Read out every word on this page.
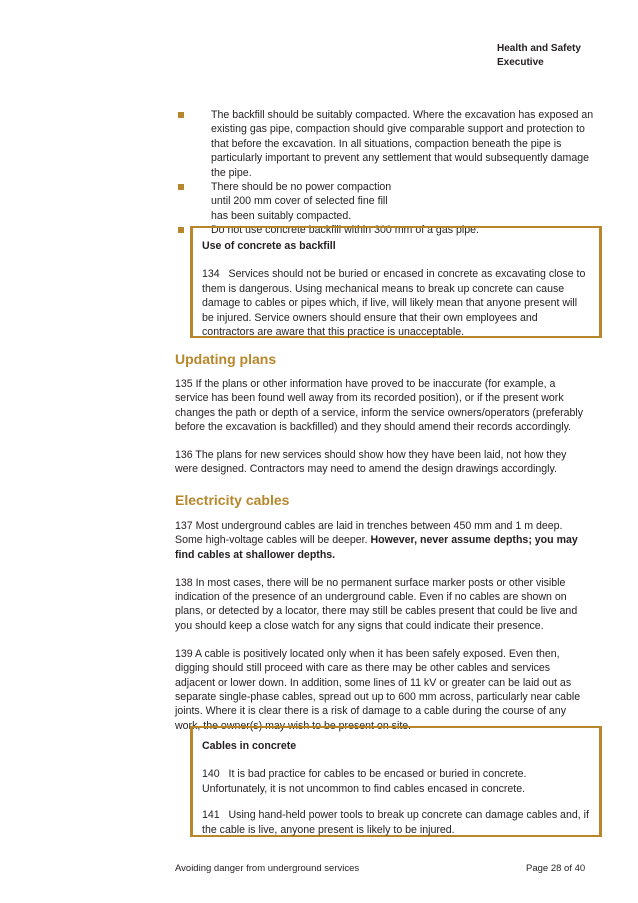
Health and Safety
Executive
The backfill should be suitably compacted. Where the excavation has exposed an existing gas pipe, compaction should give comparable support and protection to that before the excavation. In all situations, compaction beneath the pipe is particularly important to prevent any settlement that would subsequently damage the pipe.
There should be no power compaction until 200 mm cover of selected fine fill has been suitably compacted.
Do not use concrete backfill within 300 mm of a gas pipe.
Use of concrete as backfill

134   Services should not be buried or encased in concrete as excavating close to them is dangerous. Using mechanical means to break up concrete can cause damage to cables or pipes which, if live, will likely mean that anyone present will be injured. Service owners should ensure that their own employees and contractors are aware that this practice is unacceptable.

Updating plans

135 If the plans or other information have proved to be inaccurate (for example, a service has been found well away from its recorded position), or if the present work changes the path or depth of a service, inform the service owners/operators (preferably before the excavation is backfilled) and they should amend their records accordingly.

136 The plans for new services should show how they have been laid, not how they were designed. Contractors may need to amend the design drawings accordingly.

Electricity cables

137 Most underground cables are laid in trenches between 450 mm and 1 m deep. Some high-voltage cables will be deeper. However, never assume depths; you may find cables at shallower depths.

138 In most cases, there will be no permanent surface marker posts or other visible indication of the presence of an underground cable. Even if no cables are shown on plans, or detected by a locator, there may still be cables present that could be live and you should keep a close watch for any signs that could indicate their presence.

139 A cable is positively located only when it has been safely exposed. Even then, digging should still proceed with care as there may be other cables and services adjacent or lower down. In addition, some lines of 11 kV or greater can be laid out as separate single-phase cables, spread out up to 600 mm across, particularly near cable joints. Where it is clear there is a risk of damage to a cable during the course of any work, the owner(s) may wish to be present on site.

Cables in concrete

140   It is bad practice for cables to be encased or buried in concrete. Unfortunately, it is not uncommon to find cables encased in concrete.

141   Using hand-held power tools to break up concrete can damage cables and, if the cable is live, anyone present is likely to be injured.

Avoiding danger from underground services	Page 28 of 40
